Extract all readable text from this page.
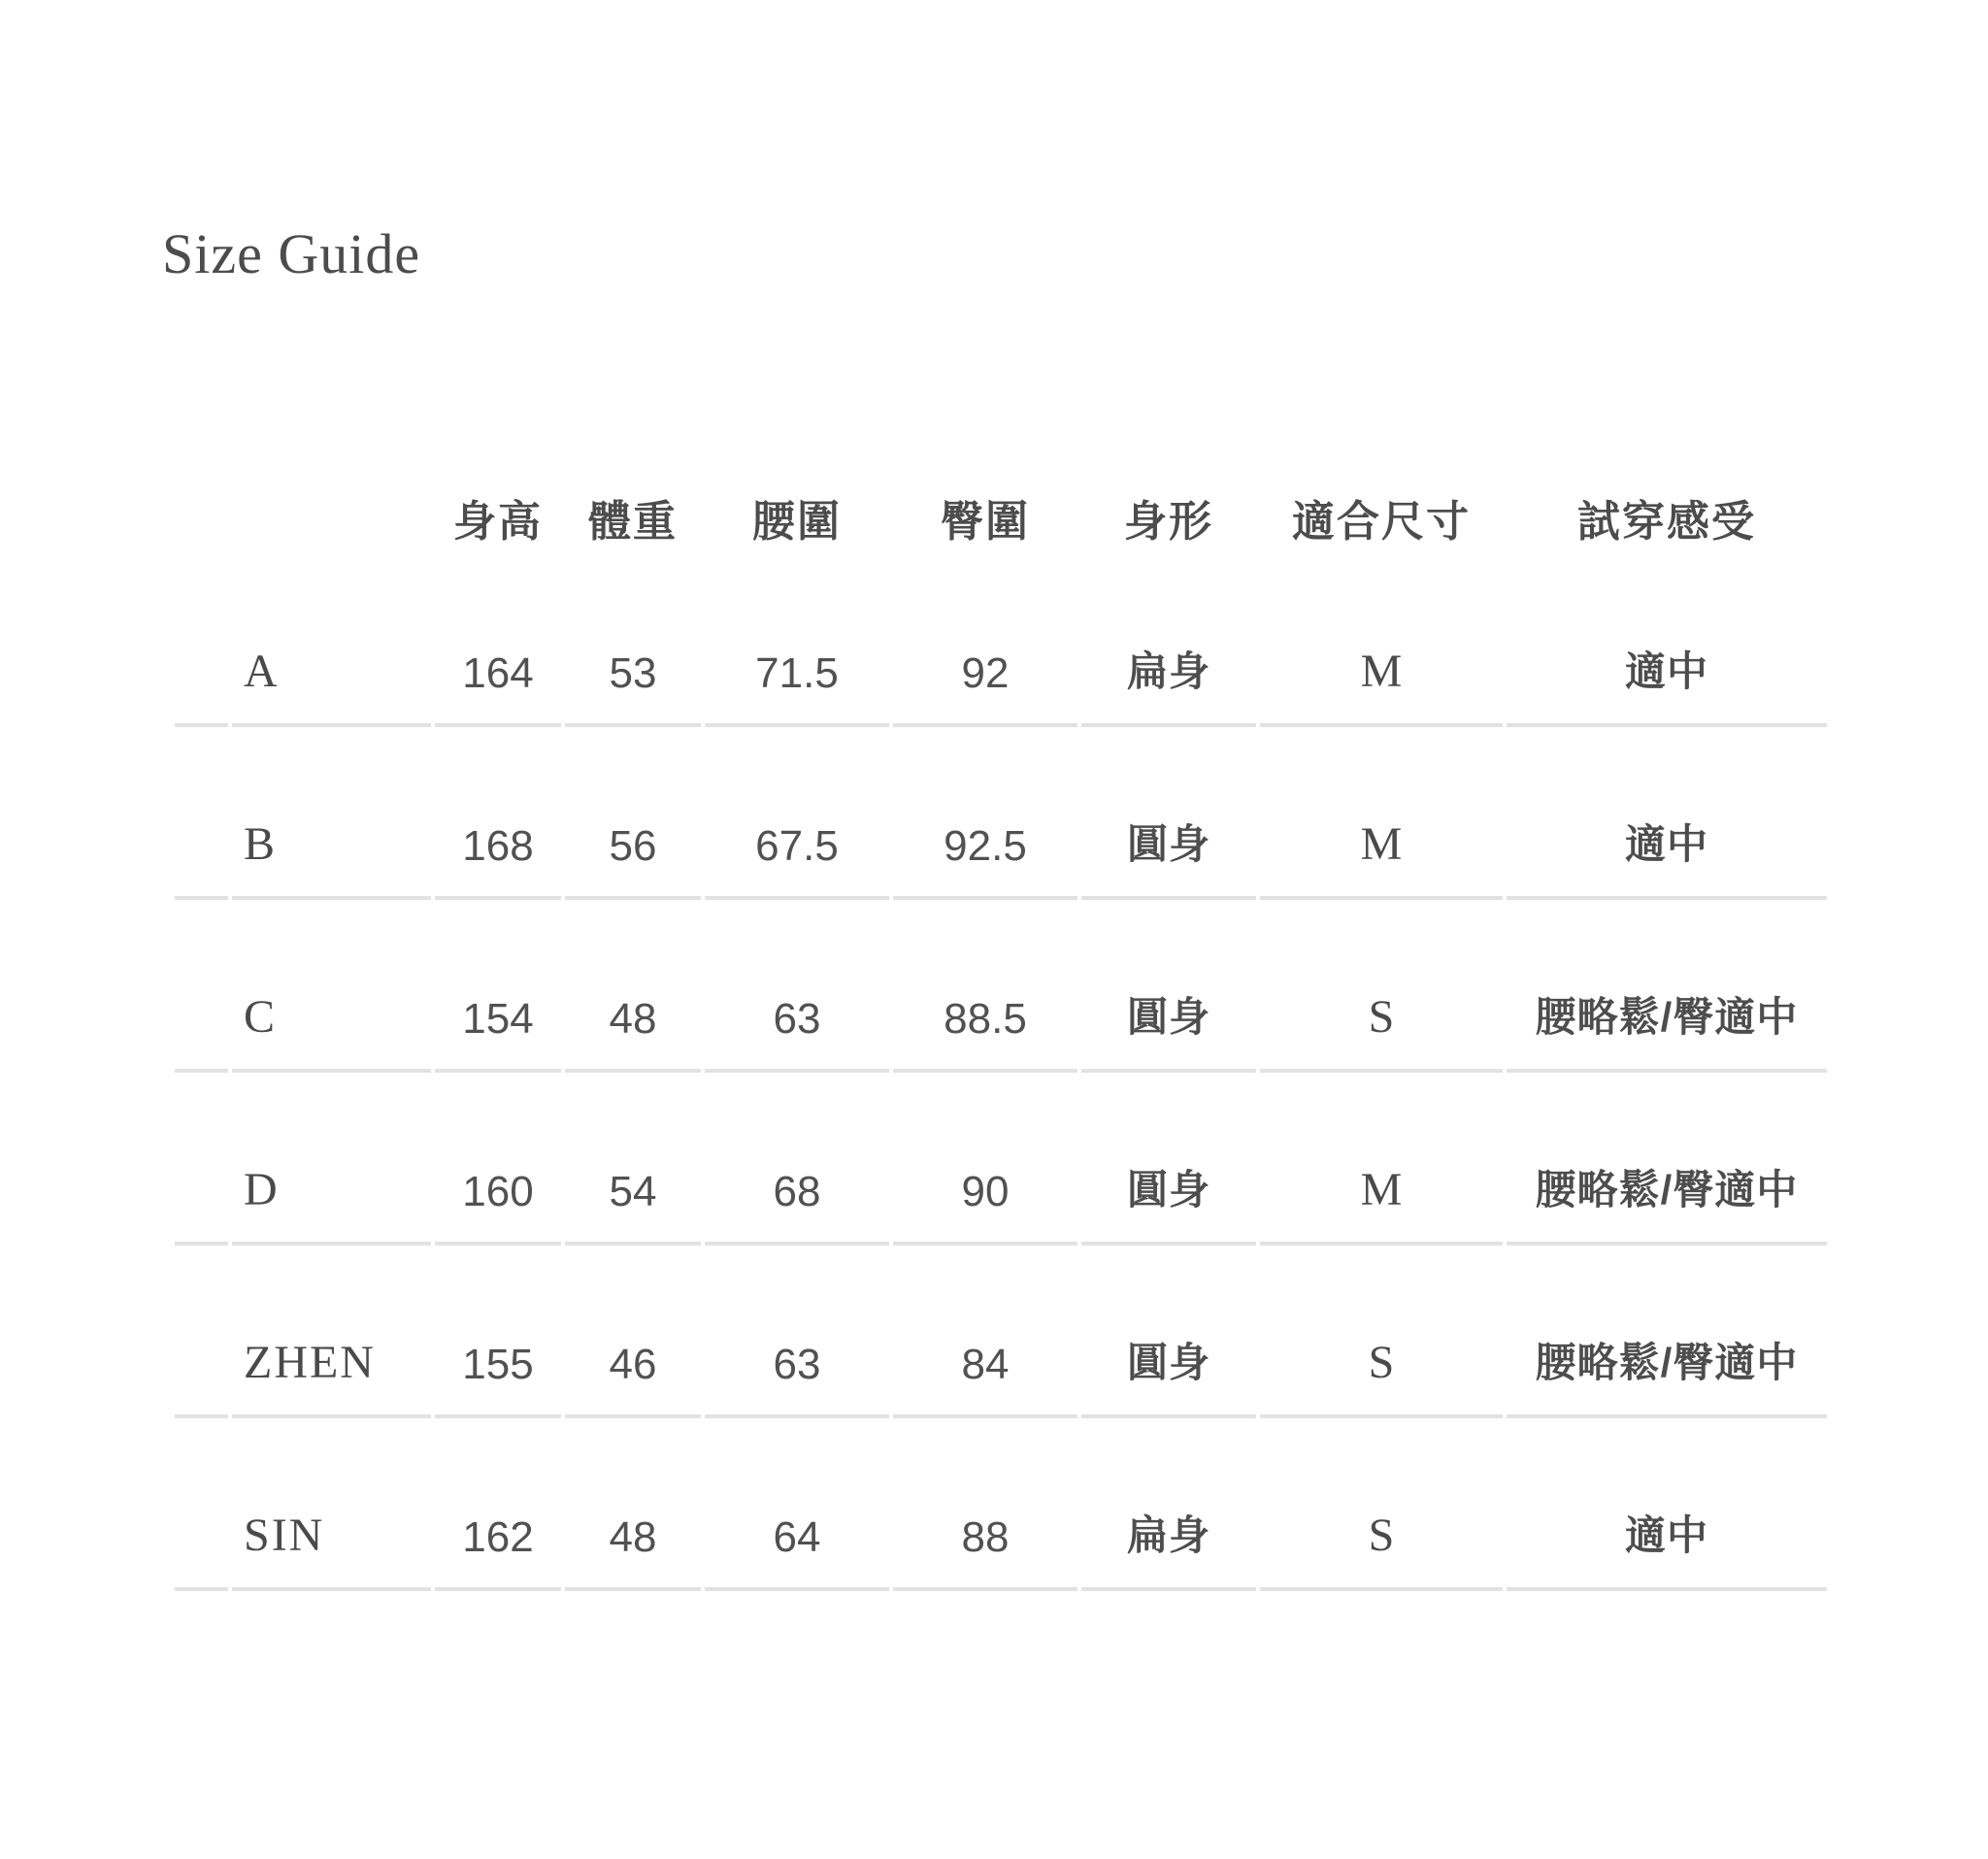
Size Guide
		身高	體重	腰圍	臀圍	身形	適合尺寸	試穿感受
	A	164	53	71.5	92	扁身	M	適中
	B	168	56	67.5	92.5	圓身	M	適中
	C	154	48	63	88.5	圓身	S	腰略鬆/臀適中
	D	160	54	68	90	圓身	M	腰略鬆/臀適中
	ZHEN	155	46	63	84	圓身	S	腰略鬆/臀適中
	SIN	162	48	64	88	扁身	S	適中
